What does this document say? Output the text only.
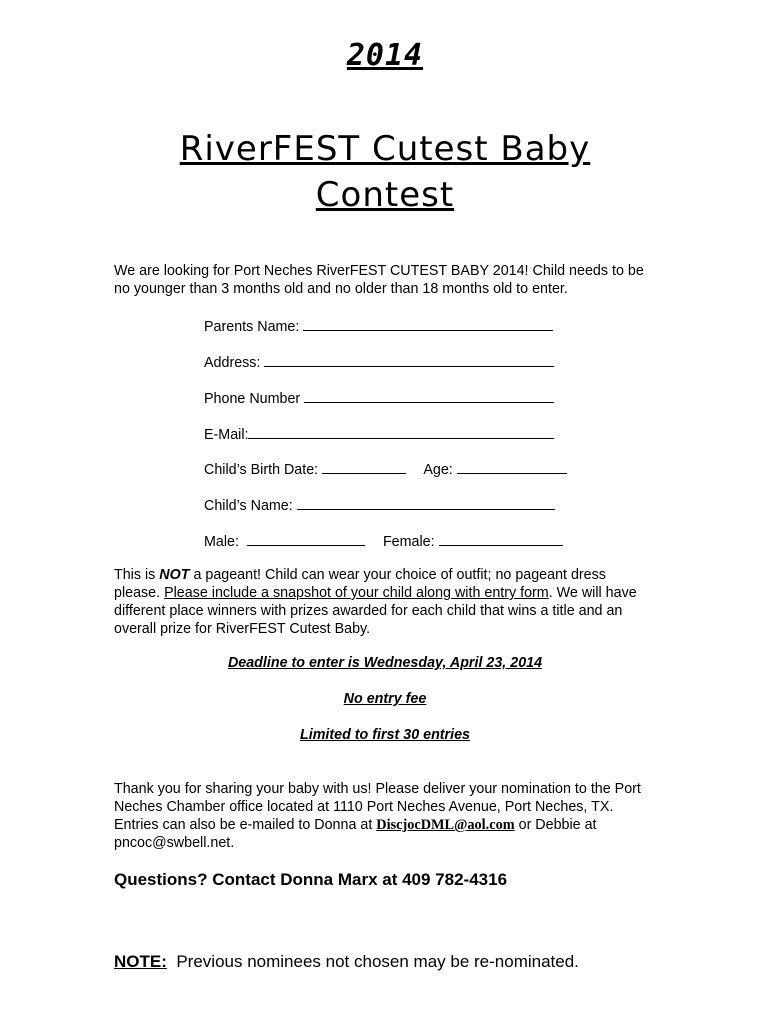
2014
RiverFEST Cutest Baby
Contest
We are looking for Port Neches RiverFEST CUTEST BABY 2014! Child needs to be no younger than 3 months old and no older than 18 months old to enter.
Parents Name:
Address:
Phone Number
E-Mail:
Child’s Birth Date:	Age:
Child’s Name:
Male:	Female:
This is NOT a pageant! Child can wear your choice of outfit; no pageant dress please. Please include a snapshot of your child along with entry form. We will have different place winners with prizes awarded for each child that wins a title and an overall prize for RiverFEST Cutest Baby.
Deadline to enter is Wednesday, April 23, 2014
No entry fee
Limited to first 30 entries
Thank you for sharing your baby with us! Please deliver your nomination to the Port Neches Chamber office located at 1110 Port Neches Avenue, Port Neches, TX. Entries can also be e-mailed to Donna at DiscjocDML@aol.com or Debbie at pncoc@swbell.net.
Questions? Contact Donna Marx at 409 782-4316
NOTE:  Previous nominees not chosen may be re-nominated.
